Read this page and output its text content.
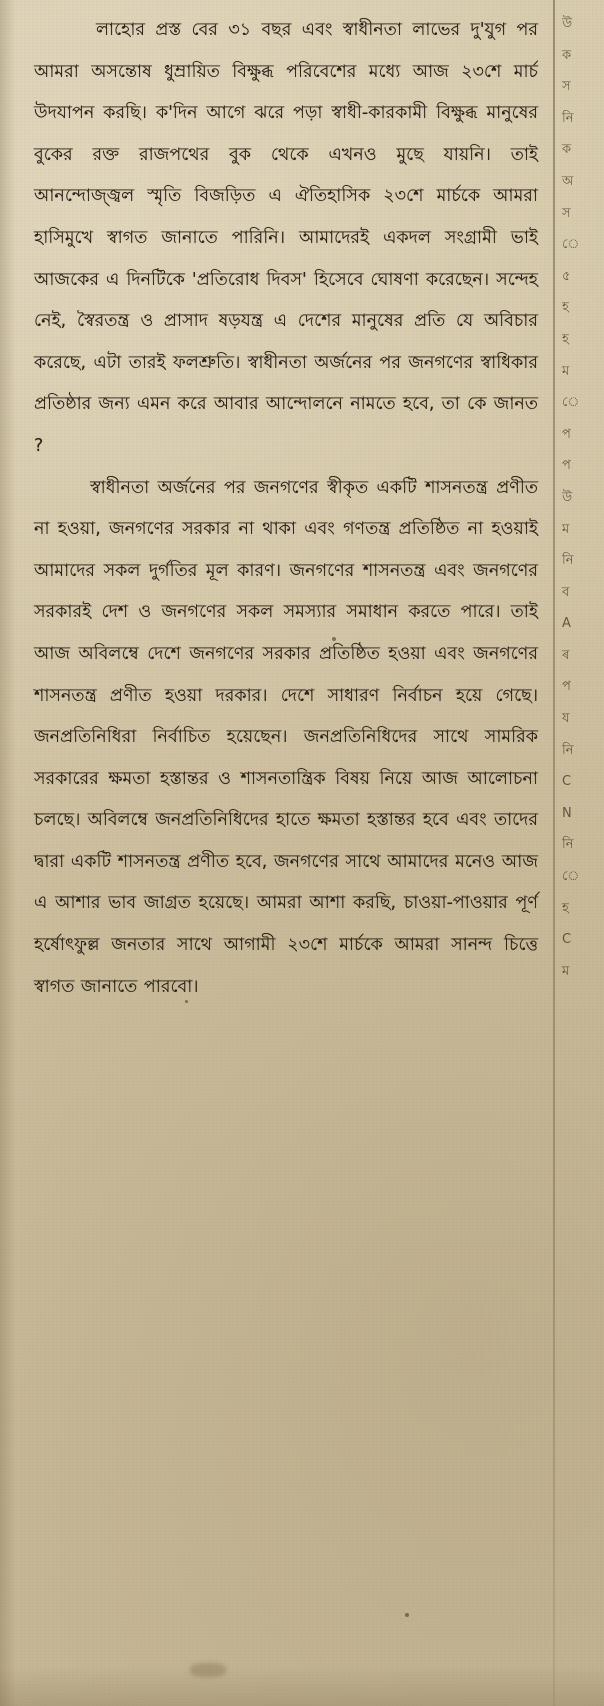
লাহোর প্রস্ত বের ৩১ বছর এবং স্বাধীনতা লাভের দু'যুগ পর আমরা অসন্তোষ ধুম্রায়িত বিক্ষুব্ধ পরিবেশের মধ্যে আজ ২৩শে মার্চ উদযাপন করছি। ক'দিন আগে ঝরে পড়া স্বাধী-কারকামী বিক্ষুব্ধ মানুষের বুকের রক্ত রাজপথের বুক থেকে এখনও মুছে যায়নি। তাই আনন্দোজ্জ্বল স্মৃতি বিজড়িত এ ঐতিহাসিক ২৩শে মার্চকে আমরা হাসিমুখে স্বাগত জানাতে পারিনি। আমাদেরই একদল সংগ্রামী ভাই আজকের এ দিনটিকে 'প্রতিরোধ দিবস' হিসেবে ঘোষণা করেছেন। সন্দেহ নেই, স্বৈরতন্ত্র ও প্রাসাদ ষড়যন্ত্র এ দেশের মানুষের প্রতি যে অবিচার করেছে, এটা তারই ফলশ্রুতি। স্বাধীনতা অর্জনের পর জনগণের স্বাধিকার প্রতিষ্ঠার জন্য এমন করে আবার আন্দোলনে নামতে হবে, তা কে জানত ?

স্বাধীনতা অর্জনের পর জনগণের স্বীকৃত একটি শাসনতন্ত্র প্রণীত না হওয়া, জনগণের সরকার না থাকা এবং গণতন্ত্র প্রতিষ্ঠিত না হওয়াই আমাদের সকল দুর্গতির মূল কারণ। জনগণের শাসনতন্ত্র এবং জনগণের সরকারই দেশ ও জনগণের সকল সমস্যার সমাধান করতে পারে। তাই আজ অবিলম্বে দেশে জনগণের সরকার প্রতিষ্ঠিত হওয়া এবং জনগণের শাসনতন্ত্র প্রণীত হওয়া দরকার। দেশে সাধারণ নির্বাচন হয়ে গেছে। জনপ্রতিনিধিরা নির্বাচিত হয়েছেন। জনপ্রতিনিধিদের সাথে সামরিক সরকারের ক্ষমতা হস্তান্তর ও শাসনতান্ত্রিক বিষয় নিয়ে আজ আলোচনা চলছে। অবিলম্বে জনপ্রতিনিধিদের হাতে ক্ষমতা হস্তান্তর হবে এবং তাদের দ্বারা একটি শাসনতন্ত্র প্রণীত হবে, জনগণের সাথে আমাদের মনেও আজ এ আশার ভাব জাগ্রত হয়েছে। আমরা আশা করছি, চাওয়া-পাওয়ার পূর্ণ হর্ষোৎফুল্ল জনতার সাথে আগামী ২৩শে মার্চকে আমরা সানন্দ চিত্তে স্বাগত জানাতে পারবো।

উ
ক
স
নি
ক
অ
স
ে
৫
হ
হ
ম
ে
প
প
উ
ম
নি
ব
A
ৰ
প
য
নি
C
N
নি
ে
হ
C
ম
